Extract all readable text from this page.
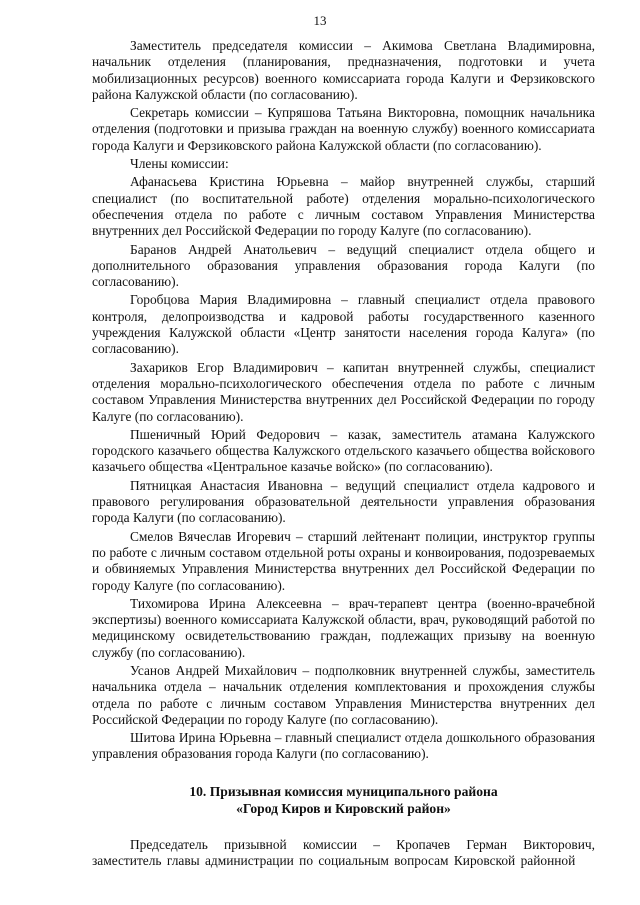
13

Заместитель председателя комиссии – Акимова Светлана Владимировна, начальник отделения (планирования, предназначения, подготовки и учета мобилизационных ресурсов) военного комиссариата города Калуги и Ферзиковского района Калужской области (по согласованию).

Секретарь комиссии – Купряшова Татьяна Викторовна, помощник начальника отделения (подготовки и призыва граждан на военную службу) военного комиссариата города Калуги и Ферзиковского района Калужской области (по согласованию).

Члены комиссии:

Афанасьева Кристина Юрьевна – майор внутренней службы, старший специалист (по воспитательной работе) отделения морально-психологического обеспечения отдела по работе с личным составом Управления Министерства внутренних дел Российской Федерации по городу Калуге (по согласованию).

Баранов Андрей Анатольевич – ведущий специалист отдела общего и дополнительного образования управления образования города Калуги (по согласованию).

Горобцова Мария Владимировна – главный специалист отдела правового контроля, делопроизводства и кадровой работы государственного казенного учреждения Калужской области «Центр занятости населения города Калуга» (по согласованию).

Захариков Егор Владимирович – капитан внутренней службы, специалист отделения морально-психологического обеспечения отдела по работе с личным составом Управления Министерства внутренних дел Российской Федерации по городу Калуге (по согласованию).

Пшеничный Юрий Федорович – казак, заместитель атамана Калужского городского казачьего общества Калужского отдельского казачьего общества войскового казачьего общества «Центральное казачье войско» (по согласованию).

Пятницкая Анастасия Ивановна – ведущий специалист отдела кадрового и правового регулирования образовательной деятельности управления образования города Калуги (по согласованию).

Смелов Вячеслав Игоревич – старший лейтенант полиции, инструктор группы по работе с личным составом отдельной роты охраны и конвоирования, подозреваемых и обвиняемых Управления Министерства внутренних дел Российской Федерации по городу Калуге (по согласованию).

Тихомирова Ирина Алексеевна – врач-терапевт центра (военно-врачебной экспертизы) военного комиссариата Калужской области, врач, руководящий работой по медицинскому освидетельствованию граждан, подлежащих призыву на военную службу (по согласованию).

Усанов Андрей Михайлович – подполковник внутренней службы, заместитель начальника отдела – начальник отделения комплектования и прохождения службы отдела по работе с личным составом Управления Министерства внутренних дел Российской Федерации по городу Калуге (по согласованию).

Шитова Ирина Юрьевна – главный специалист отдела дошкольного образования управления образования города Калуги (по согласованию).

10. Призывная комиссия муниципального района
«Город Киров и Кировский район»

Председатель призывной комиссии – Кропачев Герман Викторович, заместитель главы администрации по социальным вопросам Кировской районной
